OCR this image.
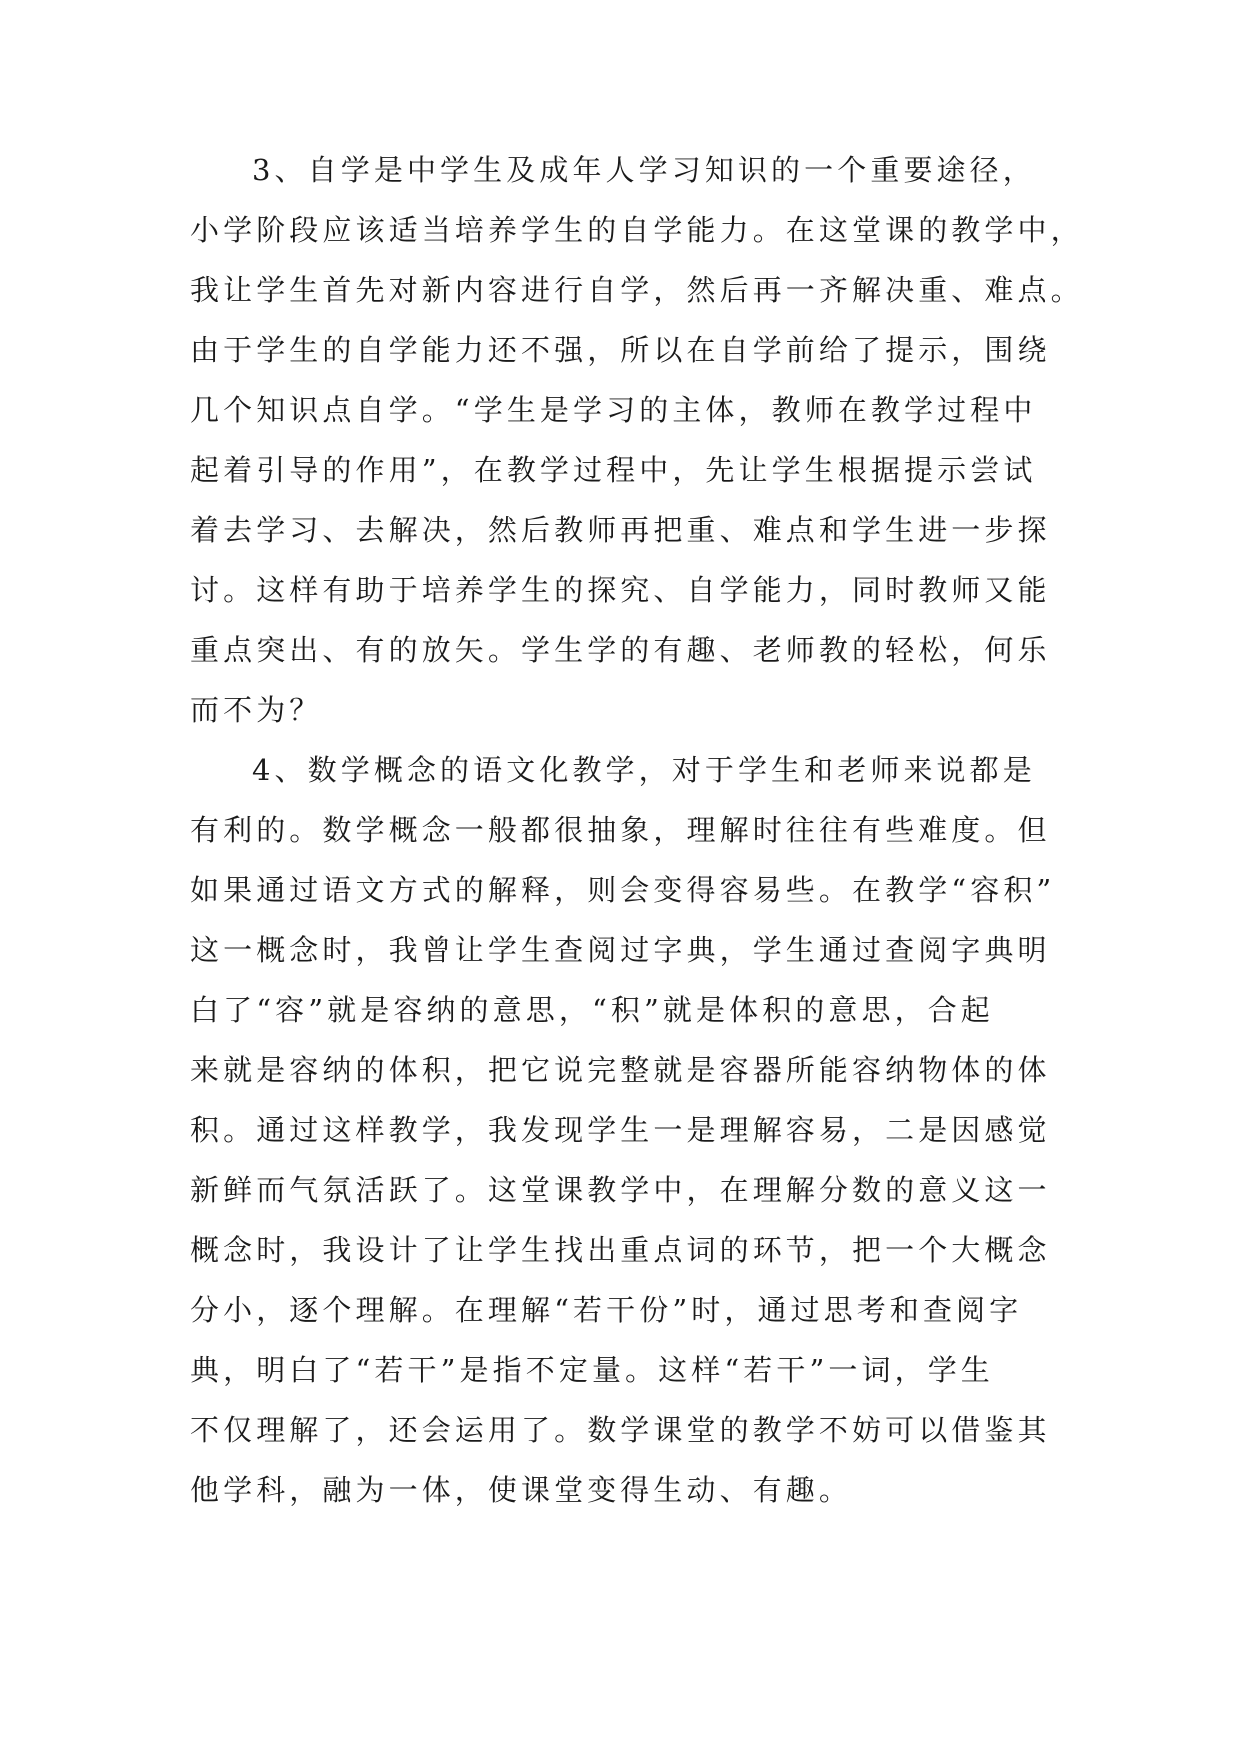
3、自学是中学生及成年人学习知识的一个重要途径，
小学阶段应该适当培养学生的自学能力。在这堂课的教学中，
我让学生首先对新内容进行自学，然后再一齐解决重、难点。
由于学生的自学能力还不强，所以在自学前给了提示，围绕
几个知识点自学。“学生是学习的主体，教师在教学过程中
起着引导的作用”，在教学过程中，先让学生根据提示尝试
着去学习、去解决，然后教师再把重、难点和学生进一步探
讨。这样有助于培养学生的探究、自学能力，同时教师又能
重点突出、有的放矢。学生学的有趣、老师教的轻松，何乐
而不为？
4、数学概念的语文化教学，对于学生和老师来说都是
有利的。数学概念一般都很抽象，理解时往往有些难度。但
如果通过语文方式的解释，则会变得容易些。在教学“容积”
这一概念时，我曾让学生查阅过字典，学生通过查阅字典明
白了“容”就是容纳的意思，“积”就是体积的意思，合起
来就是容纳的体积，把它说完整就是容器所能容纳物体的体
积。通过这样教学，我发现学生一是理解容易，二是因感觉
新鲜而气氛活跃了。这堂课教学中，在理解分数的意义这一
概念时，我设计了让学生找出重点词的环节，把一个大概念
分小，逐个理解。在理解“若干份”时，通过思考和查阅字
典，明白了“若干”是指不定量。这样“若干”一词，学生
不仅理解了，还会运用了。数学课堂的教学不妨可以借鉴其
他学科，融为一体，使课堂变得生动、有趣。
